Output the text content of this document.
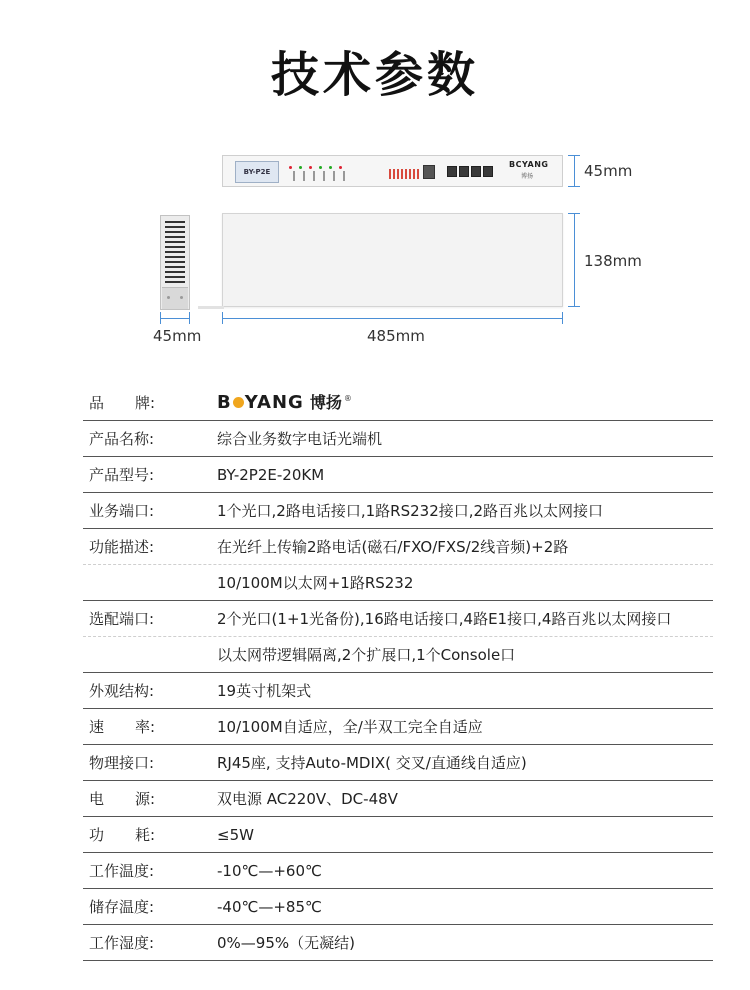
技术参数
BY-P2E
BCYANG
博扬	45mm
138mm
45mm	485mm
品 牌:	B YANG 博扬 ®
产品名称:	综合业务数字电话光端机
产品型号:	BY-2P2E-20KM
业务端口:	1个光口,2路电话接口,1路RS232接口,2路百兆以太网接口
功能描述:	在光纤上传输2路电话(磁石/FXO/FXS/2线音频)+2路
10/100M以太网+1路RS232
选配端口:	2个光口(1+1光备份),16路电话接口,4路E1接口,4路百兆以太网接口
以太网带逻辑隔离,2个扩展口,1个Console口
外观结构:	19英寸机架式
速 率:	10/100M自适应，全/半双工完全自适应
物理接口:	RJ45座, 支持Auto-MDIX( 交叉/直通线自适应)
电 源:	双电源 AC220V、DC-48V
功 耗:	≤5W
工作温度:	-10℃—+60℃
储存温度:	-40℃—+85℃
工作湿度:	0%—95%（无凝结)
